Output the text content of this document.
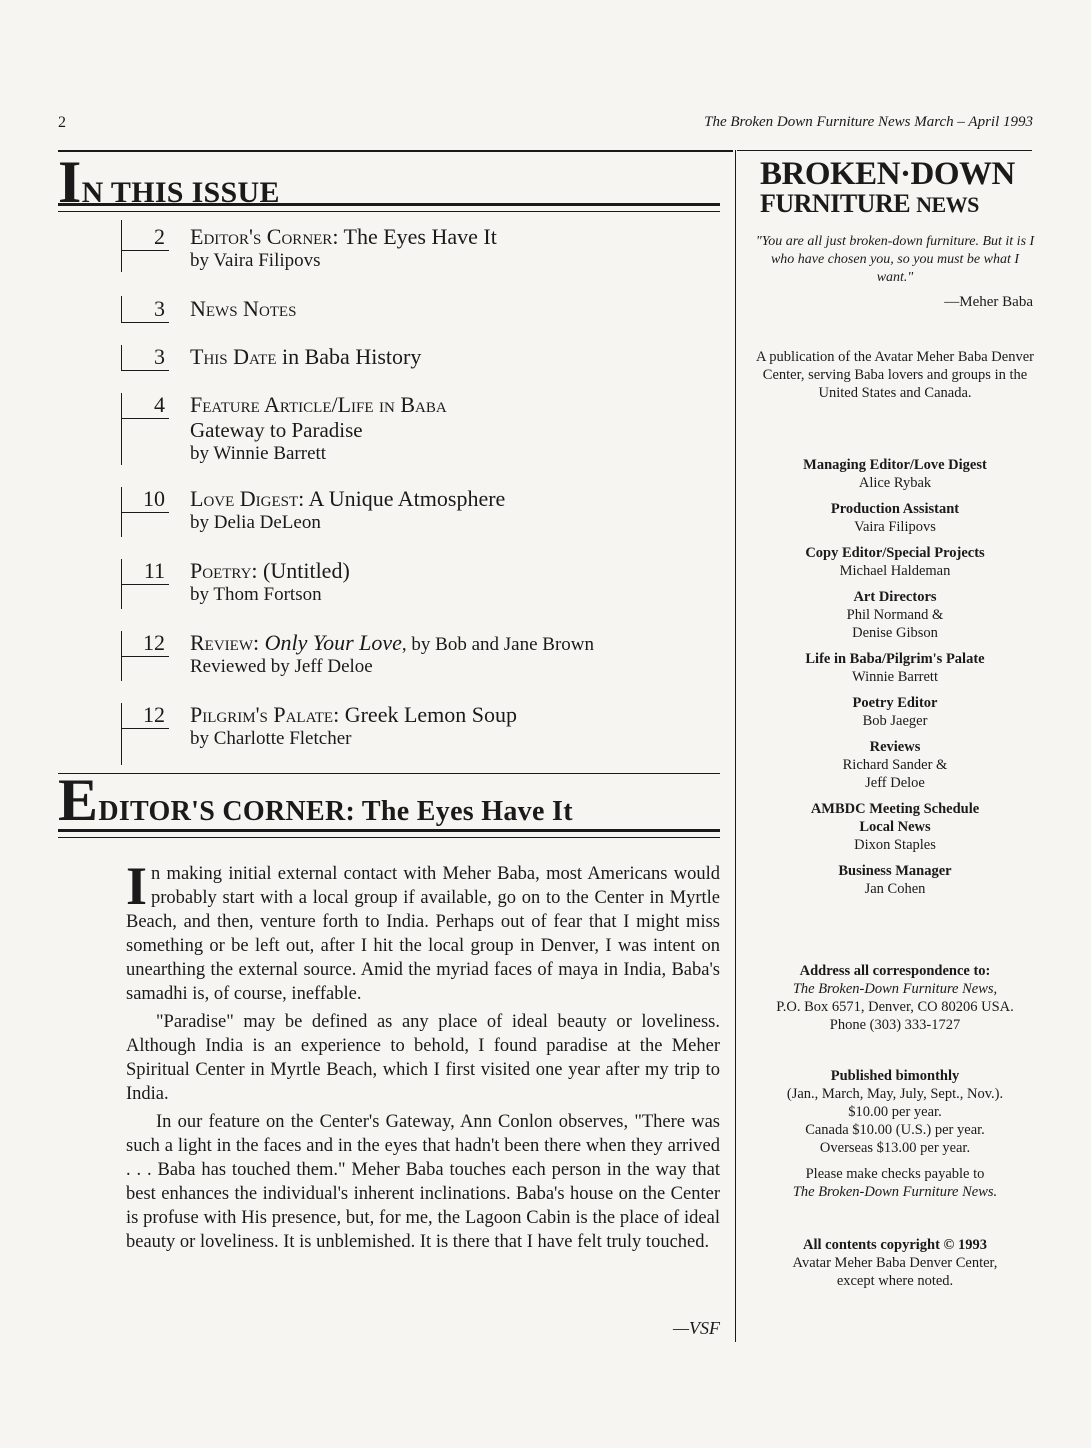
2	The Broken Down Furniture News March – April 1993
IN THIS ISSUE
2 Editor's Corner: The Eyes Have It
by Vaira Filipovs
3 News Notes
3 This Date in Baba History
4 Feature Article/Life in Baba
Gateway to Paradise
by Winnie Barrett
10 Love Digest: A Unique Atmosphere
by Delia DeLeon
11 Poetry: (Untitled)
by Thom Fortson
12 Review: Only Your Love, by Bob and Jane Brown
Reviewed by Jeff Deloe
12 Pilgrim's Palate: Greek Lemon Soup
by Charlotte Fletcher
EDITOR'S CORNER: The Eyes Have It

In making initial external contact with Meher Baba, most Americans would probably start with a local group if available, go on to the Center in Myrtle Beach, and then, venture forth to India. Perhaps out of fear that I might miss something or be left out, after I hit the local group in Denver, I was intent on unearthing the external source. Amid the myriad faces of maya in India, Baba's samadhi is, of course, ineffable.

"Paradise" may be defined as any place of ideal beauty or loveliness. Although India is an experience to behold, I found paradise at the Meher Spiritual Center in Myrtle Beach, which I first visited one year after my trip to India.

In our feature on the Center's Gateway, Ann Conlon observes, "There was such a light in the faces and in the eyes that hadn't been there when they arrived . . . Baba has touched them." Meher Baba touches each person in the way that best enhances the individual's inherent inclinations. Baba's house on the Center is profuse with His presence, but, for me, the Lagoon Cabin is the place of ideal beauty or loveliness. It is unblemished. It is there that I have felt truly touched.

—VSF
BROKEN·DOWN
FURNITURE NEWS
"You are all just broken-down furniture. But it is I who have chosen you, so you must be what I want."
—Meher Baba
A publication of the Avatar Meher Baba Denver Center, serving Baba lovers and groups in the United States and Canada.
Managing Editor/Love Digest
Alice Rybak
Production Assistant
Vaira Filipovs
Copy Editor/Special Projects
Michael Haldeman
Art Directors
Phil Normand &
Denise Gibson
Life in Baba/Pilgrim's Palate
Winnie Barrett
Poetry Editor
Bob Jaeger
Reviews
Richard Sander &
Jeff Deloe
AMBDC Meeting Schedule
Local News
Dixon Staples
Business Manager
Jan Cohen
Address all correspondence to:
The Broken-Down Furniture News,
P.O. Box 6571, Denver, CO 80206 USA.
Phone (303) 333-1727
Published bimonthly
(Jan., March, May, July, Sept., Nov.).
$10.00 per year.
Canada $10.00 (U.S.) per year.
Overseas $13.00 per year.
Please make checks payable to
The Broken-Down Furniture News.
All contents copyright © 1993
Avatar Meher Baba Denver Center,
except where noted.
